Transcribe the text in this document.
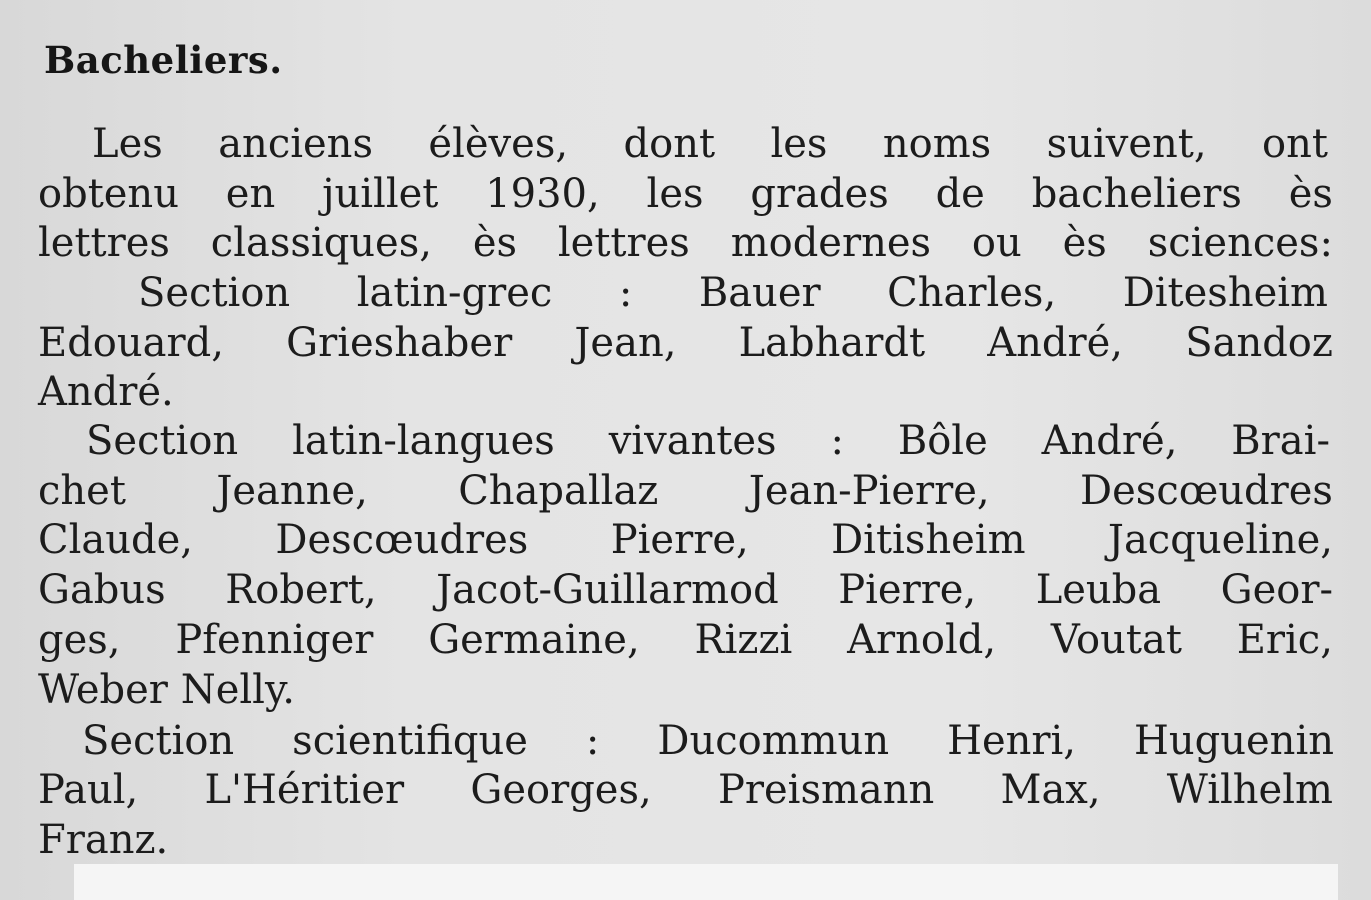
Bacheliers.
Les anciens élèves, dont les noms suivent, ont
obtenu en juillet 1930, les grades de bacheliers ès
lettres classiques, ès lettres modernes ou ès sciences:
Section latin-grec : Bauer Charles, Ditesheim
Edouard, Grieshaber Jean, Labhardt André, Sandoz
André.
Section latin-langues vivantes : Bôle André, Brai-
chet Jeanne, Chapallaz Jean-Pierre, Descœudres
Claude, Descœudres Pierre, Ditisheim Jacqueline,
Gabus Robert, Jacot-Guillarmod Pierre, Leuba Geor-
ges, Pfenniger Germaine, Rizzi Arnold, Voutat Eric,
Weber Nelly.
Section scientifique : Ducommun Henri, Huguenin
Paul, L'Héritier Georges, Preismann Max, Wilhelm
Franz.
